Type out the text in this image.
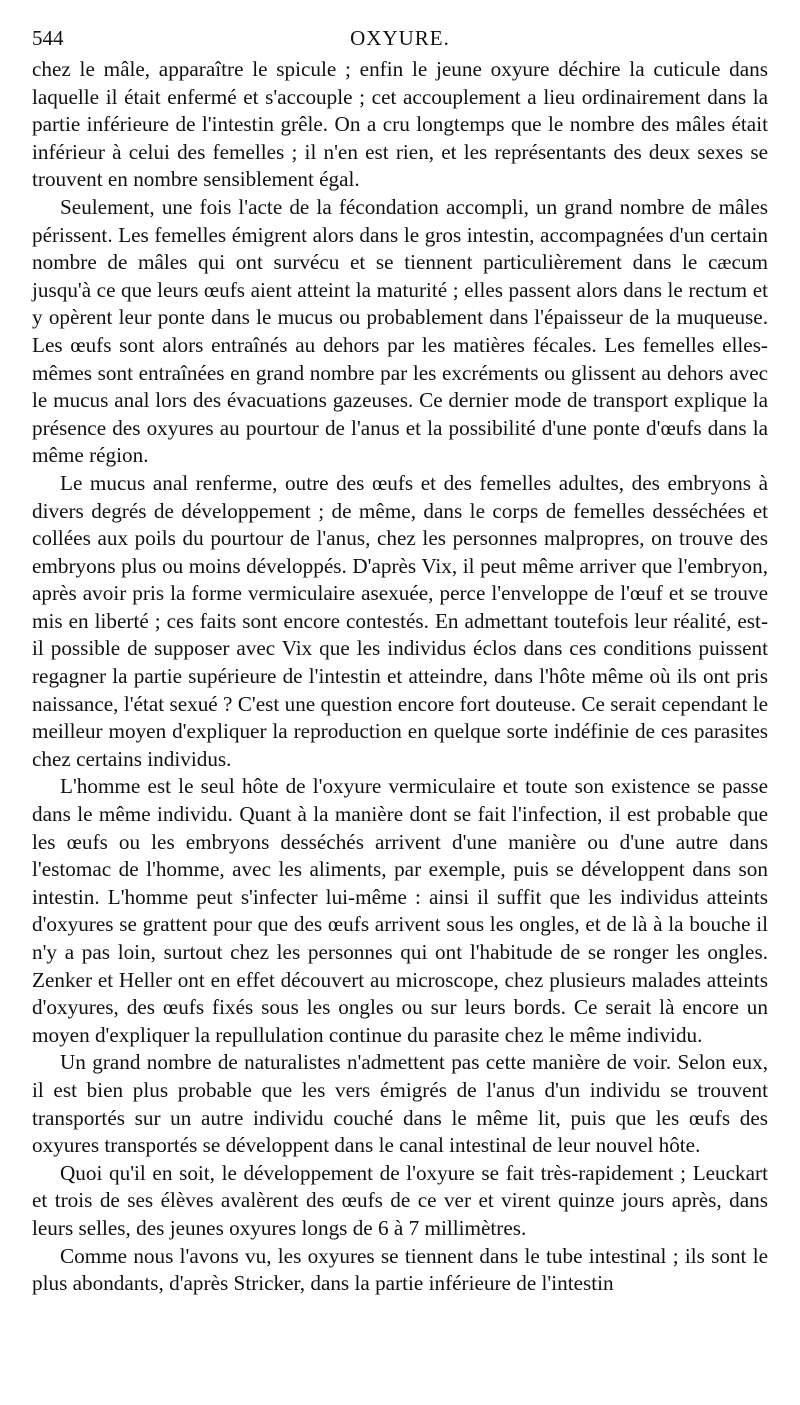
544	OXYURE.

chez le mâle, apparaître le spicule ; enfin le jeune oxyure déchire la cuticule dans laquelle il était enfermé et s'accouple ; cet accouplement a lieu ordinairement dans la partie inférieure de l'intestin grêle. On a cru longtemps que le nombre des mâles était inférieur à celui des femelles ; il n'en est rien, et les représentants des deux sexes se trouvent en nombre sensiblement égal.

Seulement, une fois l'acte de la fécondation accompli, un grand nombre de mâles périssent. Les femelles émigrent alors dans le gros intestin, accompagnées d'un certain nombre de mâles qui ont survécu et se tiennent particulièrement dans le cæcum jusqu'à ce que leurs œufs aient atteint la maturité ; elles passent alors dans le rectum et y opèrent leur ponte dans le mucus ou probablement dans l'épaisseur de la muqueuse. Les œufs sont alors entraînés au dehors par les matières fécales. Les femelles elles-mêmes sont entraînées en grand nombre par les excréments ou glissent au dehors avec le mucus anal lors des évacuations gazeuses. Ce dernier mode de transport explique la présence des oxyures au pourtour de l'anus et la possibilité d'une ponte d'œufs dans la même région.

Le mucus anal renferme, outre des œufs et des femelles adultes, des embryons à divers degrés de développement ; de même, dans le corps de femelles desséchées et collées aux poils du pourtour de l'anus, chez les personnes malpropres, on trouve des embryons plus ou moins développés. D'après Vix, il peut même arriver que l'embryon, après avoir pris la forme vermiculaire asexuée, perce l'enveloppe de l'œuf et se trouve mis en liberté ; ces faits sont encore contestés. En admettant toutefois leur réalité, est-il possible de supposer avec Vix que les individus éclos dans ces conditions puissent regagner la partie supérieure de l'intestin et atteindre, dans l'hôte même où ils ont pris naissance, l'état sexué ? C'est une question encore fort douteuse. Ce serait cependant le meilleur moyen d'expliquer la reproduction en quelque sorte indéfinie de ces parasites chez certains individus.

L'homme est le seul hôte de l'oxyure vermiculaire et toute son existence se passe dans le même individu. Quant à la manière dont se fait l'infection, il est probable que les œufs ou les embryons desséchés arrivent d'une manière ou d'une autre dans l'estomac de l'homme, avec les aliments, par exemple, puis se développent dans son intestin. L'homme peut s'infecter lui-même : ainsi il suffit que les individus atteints d'oxyures se grattent pour que des œufs arrivent sous les ongles, et de là à la bouche il n'y a pas loin, surtout chez les personnes qui ont l'habitude de se ronger les ongles. Zenker et Heller ont en effet découvert au microscope, chez plusieurs malades atteints d'oxyures, des œufs fixés sous les ongles ou sur leurs bords. Ce serait là encore un moyen d'expliquer la repullulation continue du parasite chez le même individu.

Un grand nombre de naturalistes n'admettent pas cette manière de voir. Selon eux, il est bien plus probable que les vers émigrés de l'anus d'un individu se trouvent transportés sur un autre individu couché dans le même lit, puis que les œufs des oxyures transportés se développent dans le canal intestinal de leur nouvel hôte.

Quoi qu'il en soit, le développement de l'oxyure se fait très-rapidement ; Leuckart et trois de ses élèves avalèrent des œufs de ce ver et virent quinze jours après, dans leurs selles, des jeunes oxyures longs de 6 à 7 millimètres.

Comme nous l'avons vu, les oxyures se tiennent dans le tube intestinal ; ils sont le plus abondants, d'après Stricker, dans la partie inférieure de l'intestin
